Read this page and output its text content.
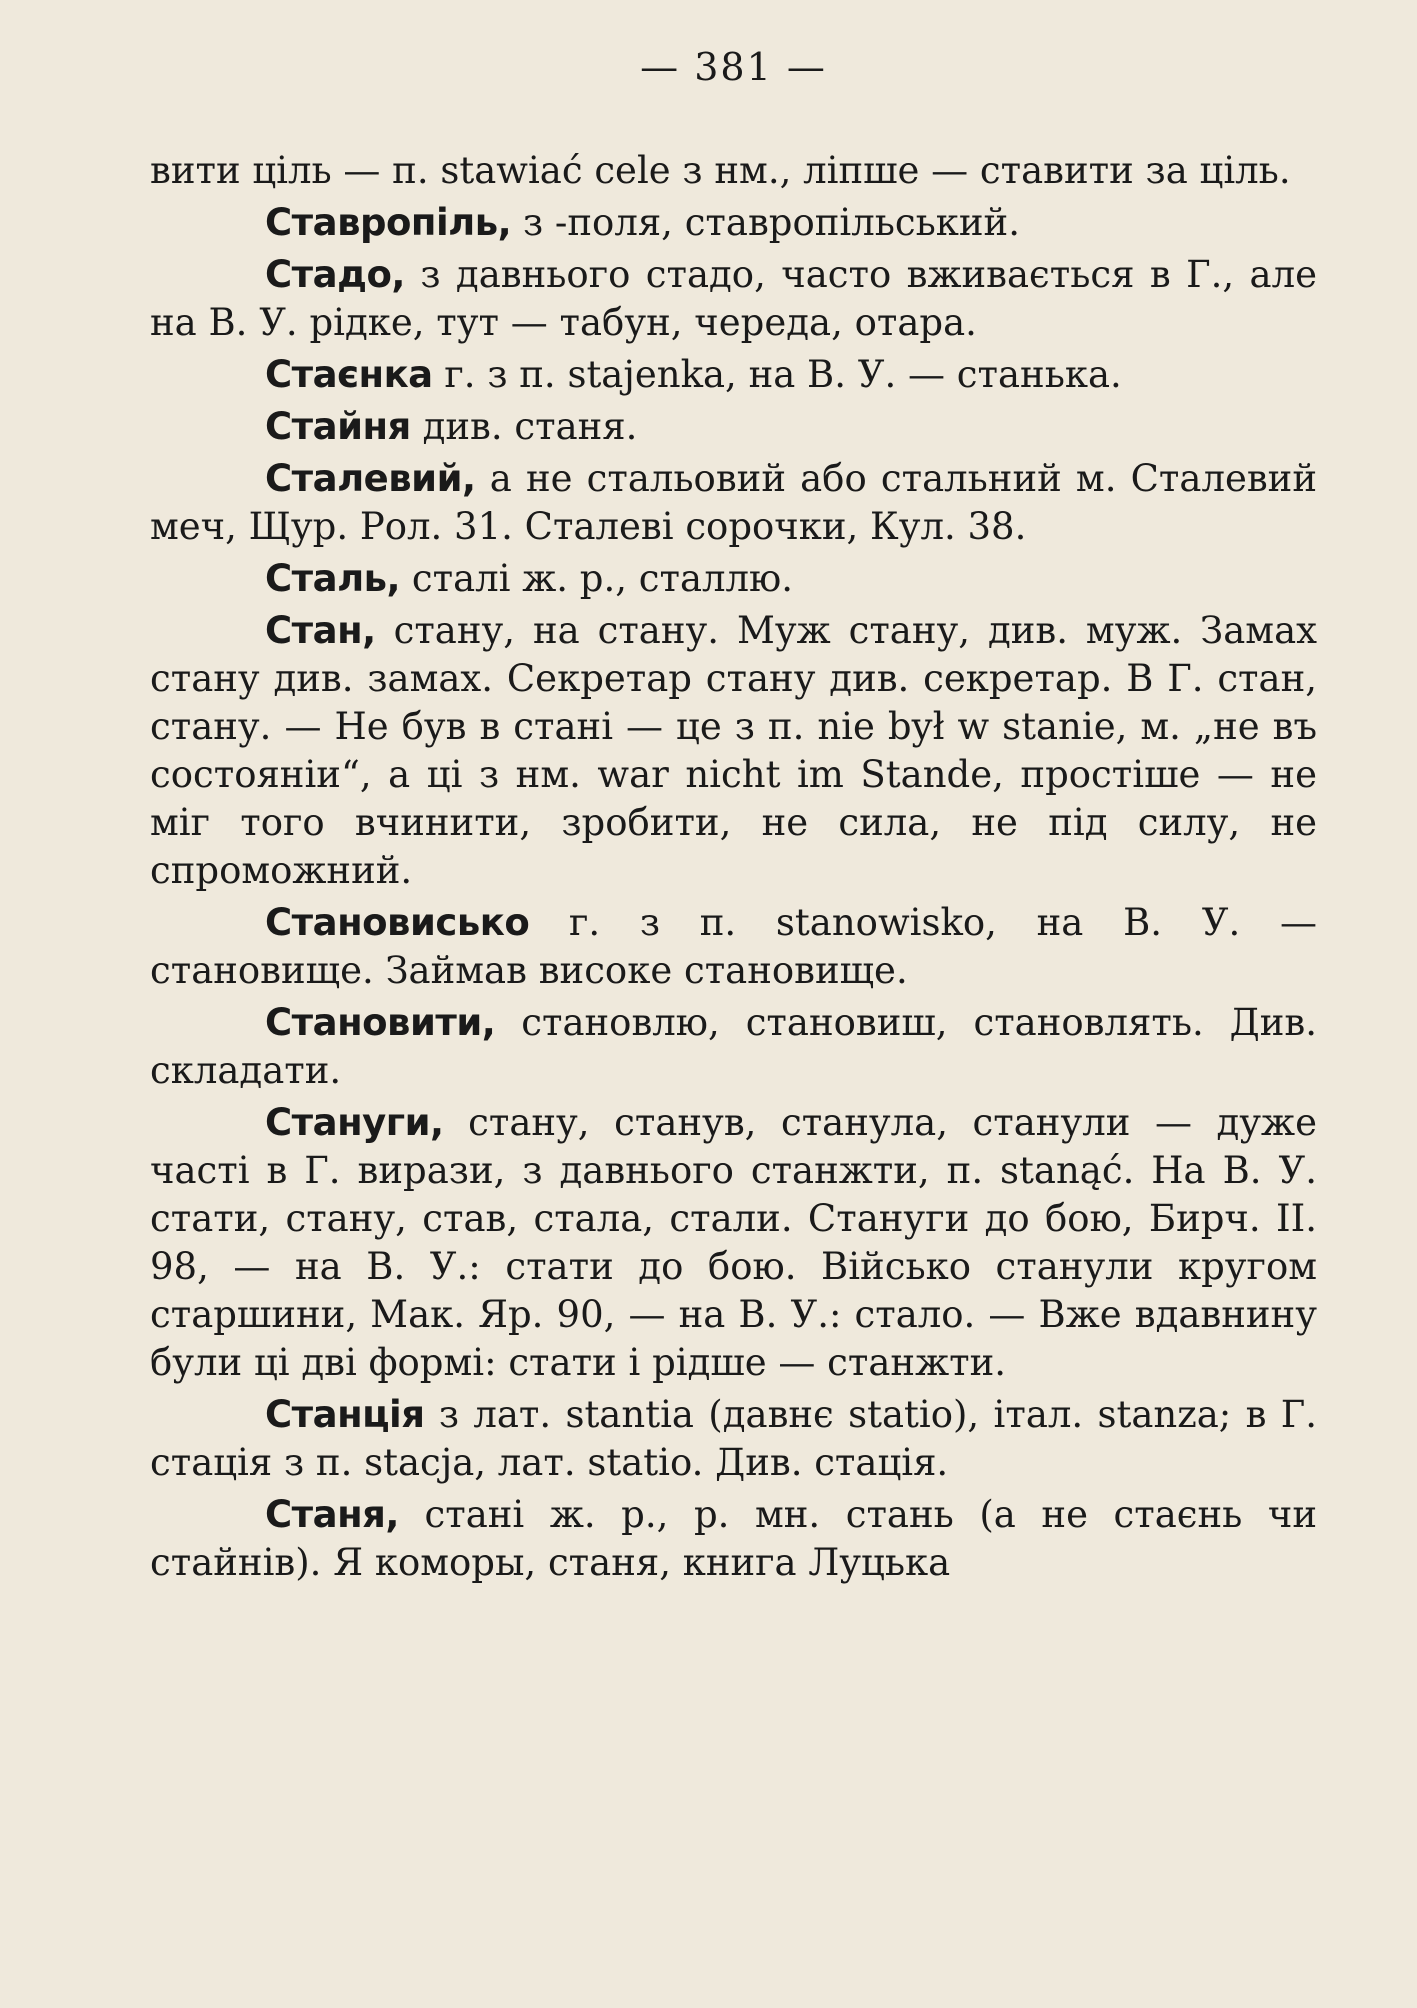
— 381 —

вити ціль — п. stawiać cele з нм., ліпше — ставити за ціль.

Ставропіль, з -поля, ставропільський.

Стадо, з давнього стадо, часто вживається в Г., але на В. У. рідке, тут — табун, череда, отара.

Стаєнка г. з п. stajenka, на В. У. — станька.

Стайня див. станя.

Сталевий, а не стальовий або стальний м. Сталевий меч, Щур. Рол. 31. Сталеві сорочки, Кул. 38.

Сталь, сталі ж. р., сталлю.

Стан, стану, на стану. Муж стану, див. муж. Замах стану див. замах. Секретар стану див. секретар. В Г. стан, стану. — Не був в стані — це з п. nie był w stanie, м. „не въ состояніи“, а ці з нм. war nicht im Stande, простіше — не міг того вчинити, зробити, не сила, не під силу, не спроможний.

Становисько г. з п. stanowisko, на В. У. — становище. Займав високе становище.

Становити, становлю, становиш, становлять. Див. складати.

Стануги, стану, станув, станула, станули — дуже часті в Г. вирази, з давнього станжти, п. stanąć. На В. У. стати, стану, став, стала, стали. Стануги до бою, Бирч. II. 98, — на В. У.: стати до бою. Військо станули кругом старшини, Мак. Яр. 90, — на В. У.: стало. — Вже вдавнину були ці дві формі: стати і рідше — станжти.

Станція з лат. stantia (давнє statio), італ. stanza; в Г. стація з п. stacja, лат. statio. Див. стація.

Станя, стані ж. р., р. мн. стань (а не стаєнь чи стайнів). Я коморы, станя, книга Луцька
